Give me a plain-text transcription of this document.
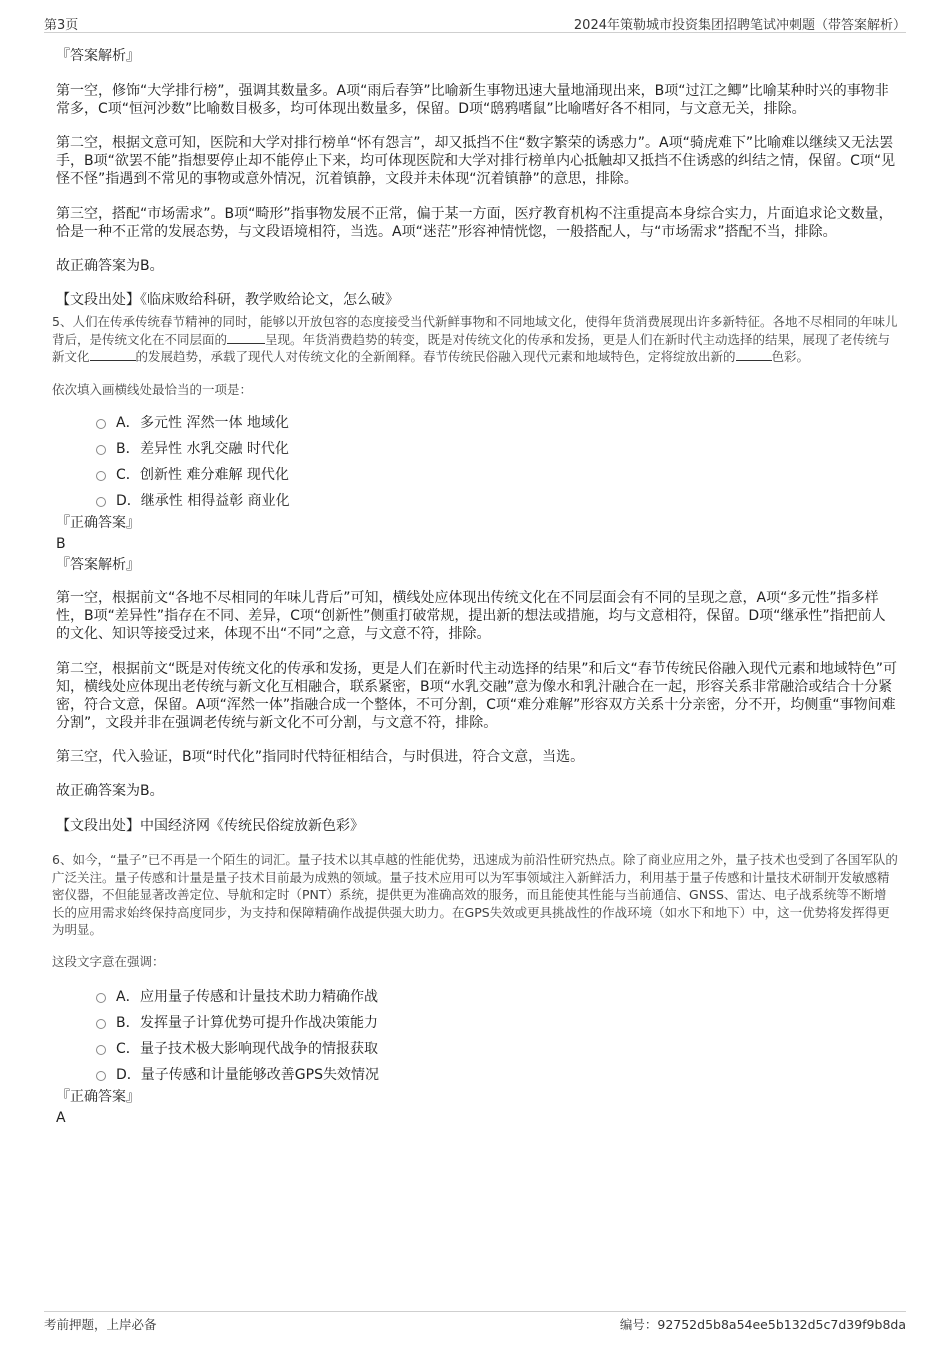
第3页	2024年策勒城市投资集团招聘笔试冲刺题（带答案解析）

『答案解析』

第一空，修饰“大学排行榜”，强调其数量多。A项“雨后春笋”比喻新生事物迅速大量地涌现出来，B项“过江之鲫”比喻某种时兴的事物非常多，C项“恒河沙数”比喻数目极多，均可体现出数量多，保留。D项“鸱鸦嗜鼠”比喻嗜好各不相同，与文意无关，排除。

第二空，根据文意可知，医院和大学对排行榜单“怀有怨言”，却又抵挡不住“数字繁荣的诱惑力”。A项“骑虎难下”比喻难以继续又无法罢手，B项“欲罢不能”指想要停止却不能停止下来，均可体现医院和大学对排行榜单内心抵触却又抵挡不住诱惑的纠结之情，保留。C项“见怪不怪”指遇到不常见的事物或意外情况，沉着镇静，文段并未体现“沉着镇静”的意思，排除。

第三空，搭配“市场需求”。B项“畸形”指事物发展不正常，偏于某一方面，医疗教育机构不注重提高本身综合实力，片面追求论文数量，恰是一种不正常的发展态势，与文段语境相符，当选。A项“迷茫”形容神情恍惚，一般搭配人，与“市场需求”搭配不当，排除。

故正确答案为B。

【文段出处】《临床败给科研，教学败给论文，怎么破》

5、人们在传承传统春节精神的同时，能够以开放包容的态度接受当代新鲜事物和不同地域文化，使得年货消费展现出许多新特征。各地不尽相同的年味儿背后，是传统文化在不同层面的	呈现。年货消费趋势的转变，既是对传统文化的传承和发扬，更是人们在新时代主动选择的结果，展现了老传统与新文化	的发展趋势，承载了现代人对传统文化的全新阐释。春节传统民俗融入现代元素和地域特色，定将绽放出新的	色彩。

依次填入画横线处最恰当的一项是：

A．多元性 浑然一体 地域化
B．差异性 水乳交融 时代化
C．创新性 难分难解 现代化
D．继承性 相得益彰 商业化

『正确答案』

B

『答案解析』

第一空，根据前文“各地不尽相同的年味儿背后”可知，横线处应体现出传统文化在不同层面会有不同的呈现之意，A项“多元性”指多样性，B项“差异性”指存在不同、差异，C项“创新性”侧重打破常规，提出新的想法或措施，均与文意相符，保留。D项“继承性”指把前人的文化、知识等接受过来，体现不出“不同”之意，与文意不符，排除。

第二空，根据前文“既是对传统文化的传承和发扬，更是人们在新时代主动选择的结果”和后文“春节传统民俗融入现代元素和地域特色”可知，横线处应体现出老传统与新文化互相融合，联系紧密，B项“水乳交融”意为像水和乳汁融合在一起，形容关系非常融洽或结合十分紧密，符合文意，保留。A项“浑然一体”指融合成一个整体，不可分割，C项“难分难解”形容双方关系十分亲密，分不开，均侧重“事物间难分割”，文段并非在强调老传统与新文化不可分割，与文意不符，排除。

第三空，代入验证，B项“时代化”指同时代特征相结合，与时俱进，符合文意，当选。

故正确答案为B。

【文段出处】中国经济网《传统民俗绽放新色彩》

6、如今，“量子”已不再是一个陌生的词汇。量子技术以其卓越的性能优势，迅速成为前沿性研究热点。除了商业应用之外，量子技术也受到了各国军队的广泛关注。量子传感和计量是量子技术目前最为成熟的领域。量子技术应用可以为军事领域注入新鲜活力，利用基于量子传感和计量技术研制开发敏感精密仪器，不但能显著改善定位、导航和定时（PNT）系统，提供更为准确高效的服务，而且能使其性能与当前通信、GNSS、雷达、电子战系统等不断增长的应用需求始终保持高度同步，为支持和保障精确作战提供强大助力。在GPS失效或更具挑战性的作战环境（如水下和地下）中，这一优势将发挥得更为明显。

这段文字意在强调：

A．应用量子传感和计量技术助力精确作战
B．发挥量子计算优势可提升作战决策能力
C．量子技术极大影响现代战争的情报获取
D．量子传感和计量能够改善GPS失效情况

『正确答案』

A

考前押题，上岸必备	编号：92752d5b8a54ee5b132d5c7d39f9b8da
